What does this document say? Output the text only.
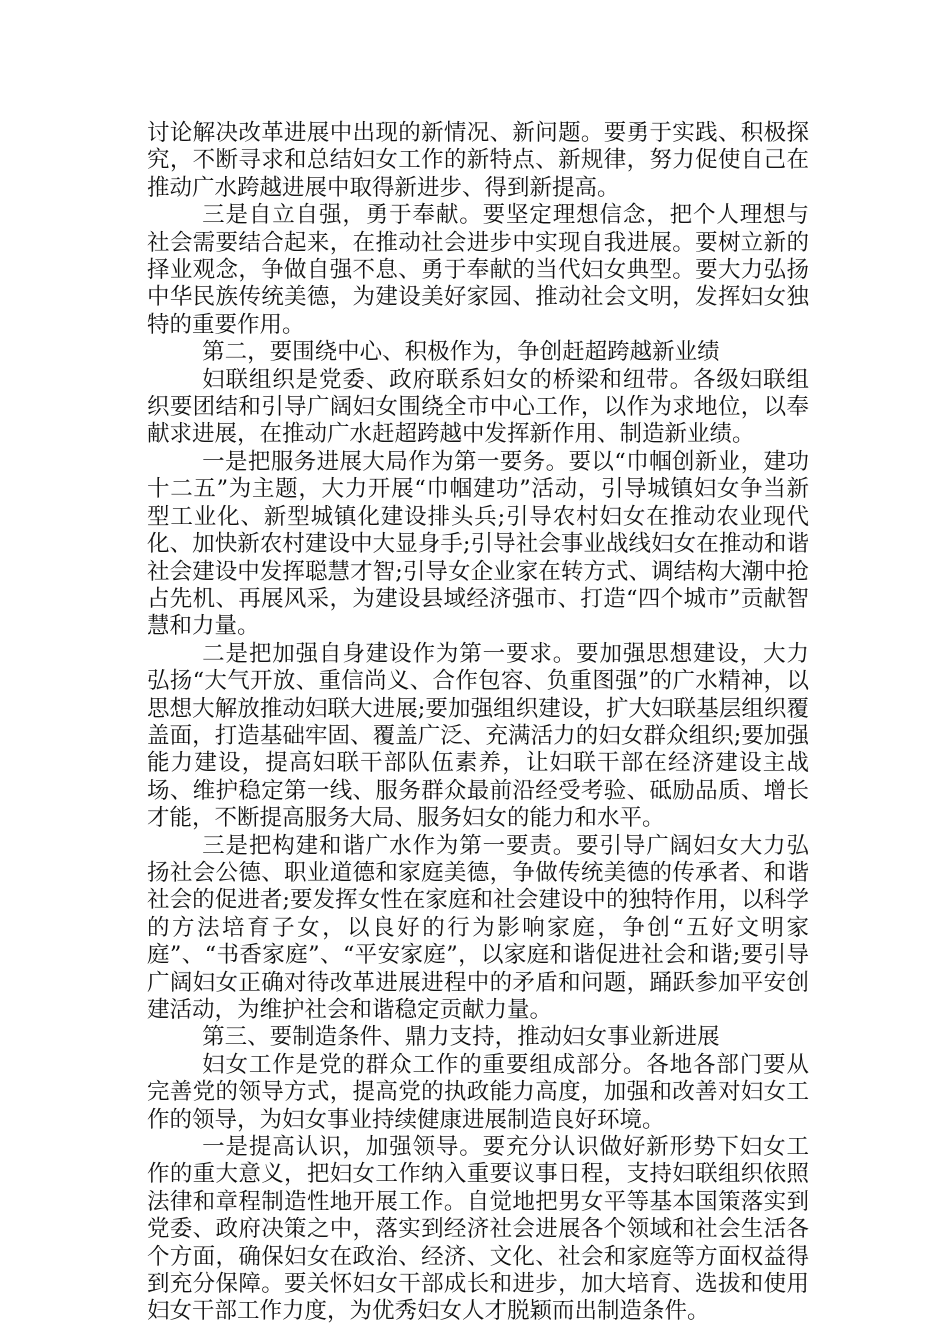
讨论解决改革进展中出现的新情况、新问题。要勇于实践、积极探究，不断寻求和总结妇女工作的新特点、新规律，努力促使自己在推动广水跨越进展中取得新进步、得到新提高。

三是自立自强，勇于奉献。要坚定理想信念，把个人理想与社会需要结合起来，在推动社会进步中实现自我进展。要树立新的择业观念，争做自强不息、勇于奉献的当代妇女典型。要大力弘扬中华民族传统美德，为建设美好家园、推动社会文明，发挥妇女独特的重要作用。

第二，要围绕中心、积极作为，争创赶超跨越新业绩

妇联组织是党委、政府联系妇女的桥梁和纽带。各级妇联组织要团结和引导广阔妇女围绕全市中心工作，以作为求地位，以奉献求进展，在推动广水赶超跨越中发挥新作用、制造新业绩。

一是把服务进展大局作为第一要务。要以“巾帼创新业，建功十二五”为主题，大力开展“巾帼建功”活动，引导城镇妇女争当新型工业化、新型城镇化建设排头兵;引导农村妇女在推动农业现代化、加快新农村建设中大显身手;引导社会事业战线妇女在推动和谐社会建设中发挥聪慧才智;引导女企业家在转方式、调结构大潮中抢占先机、再展风采，为建设县域经济强市、打造“四个城市”贡献智慧和力量。

二是把加强自身建设作为第一要求。要加强思想建设，大力弘扬“大气开放、重信尚义、合作包容、负重图强”的广水精神，以思想大解放推动妇联大进展;要加强组织建设，扩大妇联基层组织覆盖面，打造基础牢固、覆盖广泛、充满活力的妇女群众组织;要加强能力建设，提高妇联干部队伍素养，让妇联干部在经济建设主战场、维护稳定第一线、服务群众最前沿经受考验、砥励品质、增长才能，不断提高服务大局、服务妇女的能力和水平。

三是把构建和谐广水作为第一要责。要引导广阔妇女大力弘扬社会公德、职业道德和家庭美德，争做传统美德的传承者、和谐社会的促进者;要发挥女性在家庭和社会建设中的独特作用，以科学的方法培育子女，以良好的行为影响家庭，争创“五好文明家庭”、“书香家庭”、“平安家庭”，以家庭和谐促进社会和谐;要引导广阔妇女正确对待改革进展进程中的矛盾和问题，踊跃参加平安创建活动，为维护社会和谐稳定贡献力量。

第三、要制造条件、鼎力支持，推动妇女事业新进展

妇女工作是党的群众工作的重要组成部分。各地各部门要从完善党的领导方式，提高党的执政能力高度，加强和改善对妇女工作的领导，为妇女事业持续健康进展制造良好环境。

一是提高认识，加强领导。要充分认识做好新形势下妇女工作的重大意义，把妇女工作纳入重要议事日程，支持妇联组织依照法律和章程制造性地开展工作。自觉地把男女平等基本国策落实到党委、政府决策之中，落实到经济社会进展各个领域和社会生活各个方面，确保妇女在政治、经济、文化、社会和家庭等方面权益得到充分保障。要关怀妇女干部成长和进步，加大培育、选拔和使用妇女干部工作力度，为优秀妇女人才脱颖而出制造条件。
